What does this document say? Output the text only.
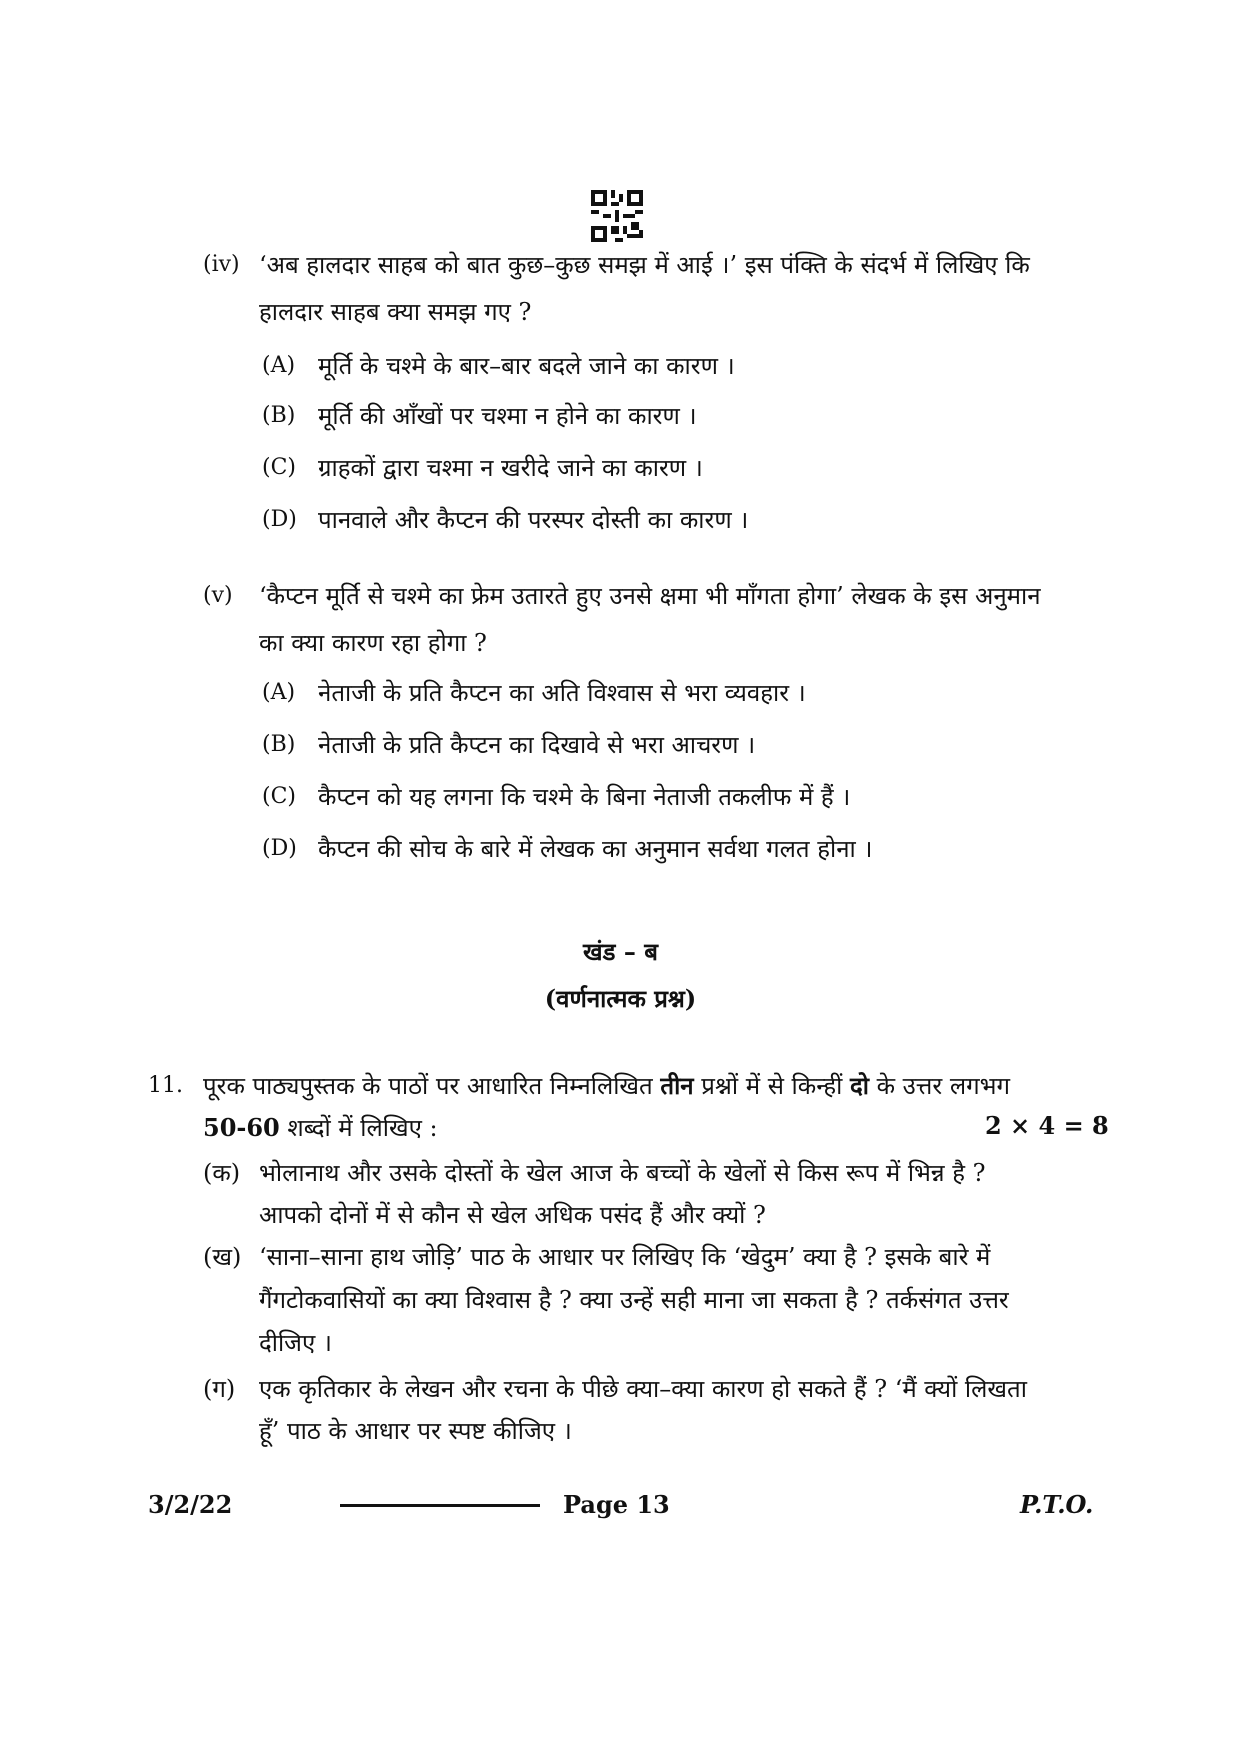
(iv) ‘अब हालदार साहब को बात कुछ–कुछ समझ में आई ।’ इस पंक्ति के संदर्भ में लिखिए कि
हालदार साहब क्या समझ गए ?
(A) मूर्ति के चश्मे के बार–बार बदले जाने का कारण ।
(B) मूर्ति की आँखों पर चश्मा न होने का कारण ।
(C) ग्राहकों द्वारा चश्मा न खरीदे जाने का कारण ।
(D) पानवाले और कैप्टन की परस्पर दोस्ती का कारण ।
(v) ‘कैप्टन मूर्ति से चश्मे का फ्रेम उतारते हुए उनसे क्षमा भी माँगता होगा’ लेखक के इस अनुमान
का क्या कारण रहा होगा ?
(A) नेताजी के प्रति कैप्टन का अति विश्वास से भरा व्यवहार ।
(B) नेताजी के प्रति कैप्टन का दिखावे से भरा आचरण ।
(C) कैप्टन को यह लगना कि चश्मे के बिना नेताजी तकलीफ में हैं ।
(D) कैप्टन की सोच के बारे में लेखक का अनुमान सर्वथा गलत होना ।
खंड – ब
(वर्णनात्मक प्रश्न)
11. पूरक पाठ्यपुस्तक के पाठों पर आधारित निम्नलिखित तीन प्रश्नों में से किन्हीं दो के उत्तर लगभग
50-60 शब्दों में लिखिए :	2 × 4 = 8
(क) भोलानाथ और उसके दोस्तों के खेल आज के बच्चों के खेलों से किस रूप में भिन्न है ?
आपको दोनों में से कौन से खेल अधिक पसंद हैं और क्यों ?
(ख) ‘साना–साना हाथ जोड़ि’ पाठ के आधार पर लिखिए कि ‘खेदुम’ क्या है ? इसके बारे में
गैंगटोकवासियों का क्या विश्वास है ? क्या उन्हें सही माना जा सकता है ? तर्कसंगत उत्तर
दीजिए ।
(ग) एक कृतिकार के लेखन और रचना के पीछे क्या–क्या कारण हो सकते हैं ? ‘मैं क्यों लिखता
हूँ’ पाठ के आधार पर स्पष्ट कीजिए ।
3/2/22	Page 13	P.T.O.
